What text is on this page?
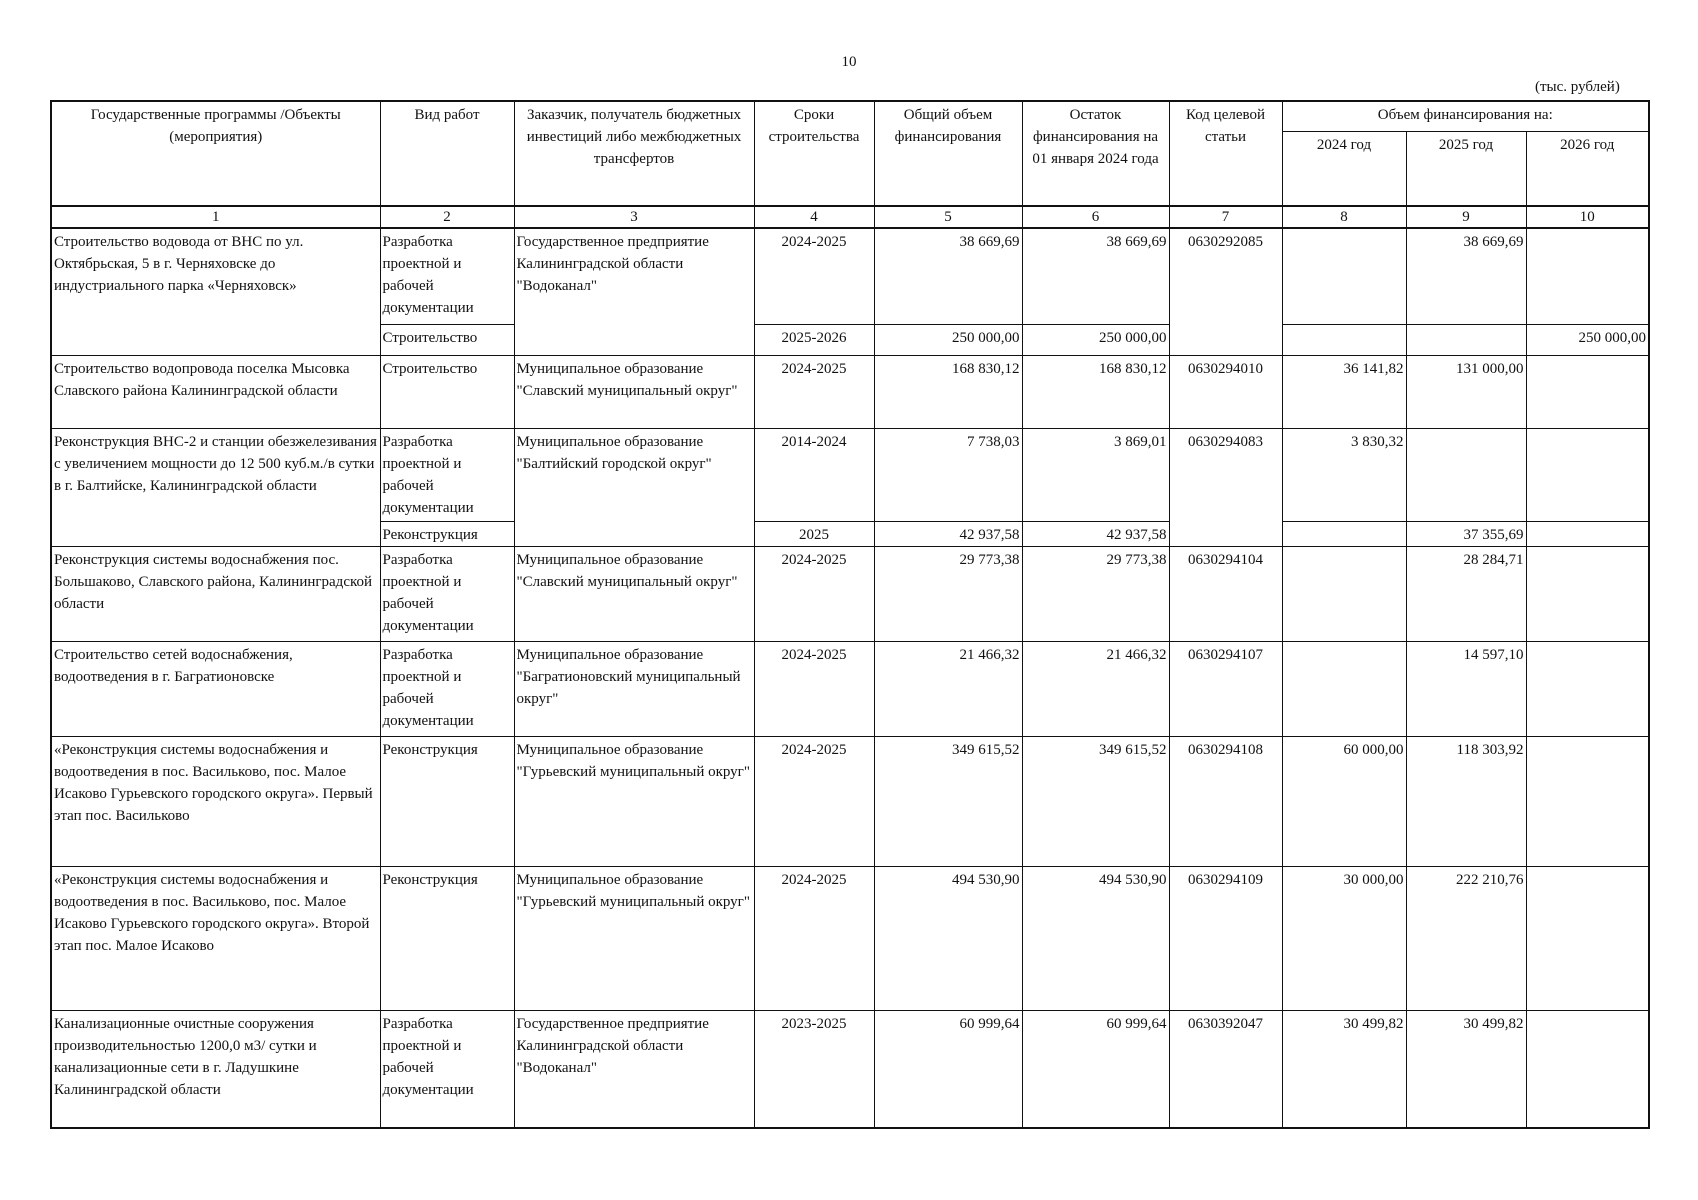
10
(тыс. рублей)
Государственные программы /Объекты (мероприятия)	Вид работ	Заказчик, получатель бюджетных инвестиций либо межбюджетных трансфертов	Сроки строительства	Общий объем финансирования	Остаток финансирования на 01 января 2024 года	Код целевой статьи	Объем финансирования на:		
							2024 год	2025 год	2026 год
1	2	3	4	5	6	7	8	9	10
Строительство водовода от ВНС по ул. Октябрьская, 5 в г. Черняховске до индустриального парка «Черняховск»	Разработка проектной и рабочей документации	Государственное предприятие Калининградской области "Водоканал"	2024-2025	38 669,69	38 669,69	0630292085		38 669,69	
	Строительство		2025-2026	250 000,00	250 000,00				250 000,00
Строительство водопровода поселка Мысовка Славского района Калининградской области	Строительство	Муниципальное образование "Славский муниципальный округ"	2024-2025	168 830,12	168 830,12	0630294010	36 141,82	131 000,00	
Реконструкция ВНС-2 и станции обезжелезивания с увеличением мощности до 12 500 куб.м./в сутки в г. Балтийске, Калининградской области	Разработка проектной и рабочей документации	Муниципальное образование "Балтийский городской округ"	2014-2024	7 738,03	3 869,01	0630294083	3 830,32		
	Реконструкция		2025	42 937,58	42 937,58			37 355,69	
Реконструкция системы водоснабжения пос. Большаково, Славского района, Калининградской области	Разработка проектной и рабочей документации	Муниципальное образование "Славский муниципальный округ"	2024-2025	29 773,38	29 773,38	0630294104		28 284,71	
Строительство сетей водоснабжения, водоотведения в г. Багратионовске	Разработка проектной и рабочей документации	Муниципальное образование "Багратионовский муниципальный округ"	2024-2025	21 466,32	21 466,32	0630294107		14 597,10	
«Реконструкция системы водоснабжения и водоотведения в пос. Васильково, пос. Малое Исаково Гурьевского городского округа». Первый этап пос. Васильково	Реконструкция	Муниципальное образование "Гурьевский муниципальный округ"	2024-2025	349 615,52	349 615,52	0630294108	60 000,00	118 303,92	
«Реконструкция системы водоснабжения и водоотведения в пос. Васильково, пос. Малое Исаково Гурьевского городского округа». Второй этап пос. Малое Исаково	Реконструкция	Муниципальное образование "Гурьевский муниципальный округ"	2024-2025	494 530,90	494 530,90	0630294109	30 000,00	222 210,76	
Канализационные очистные сооружения производительностью 1200,0 м3/ сутки и канализационные сети в г. Ладушкине Калининградской области	Разработка проектной и рабочей документации	Государственное предприятие Калининградской области "Водоканал"	2023-2025	60 999,64	60 999,64	0630392047	30 499,82	30 499,82	
